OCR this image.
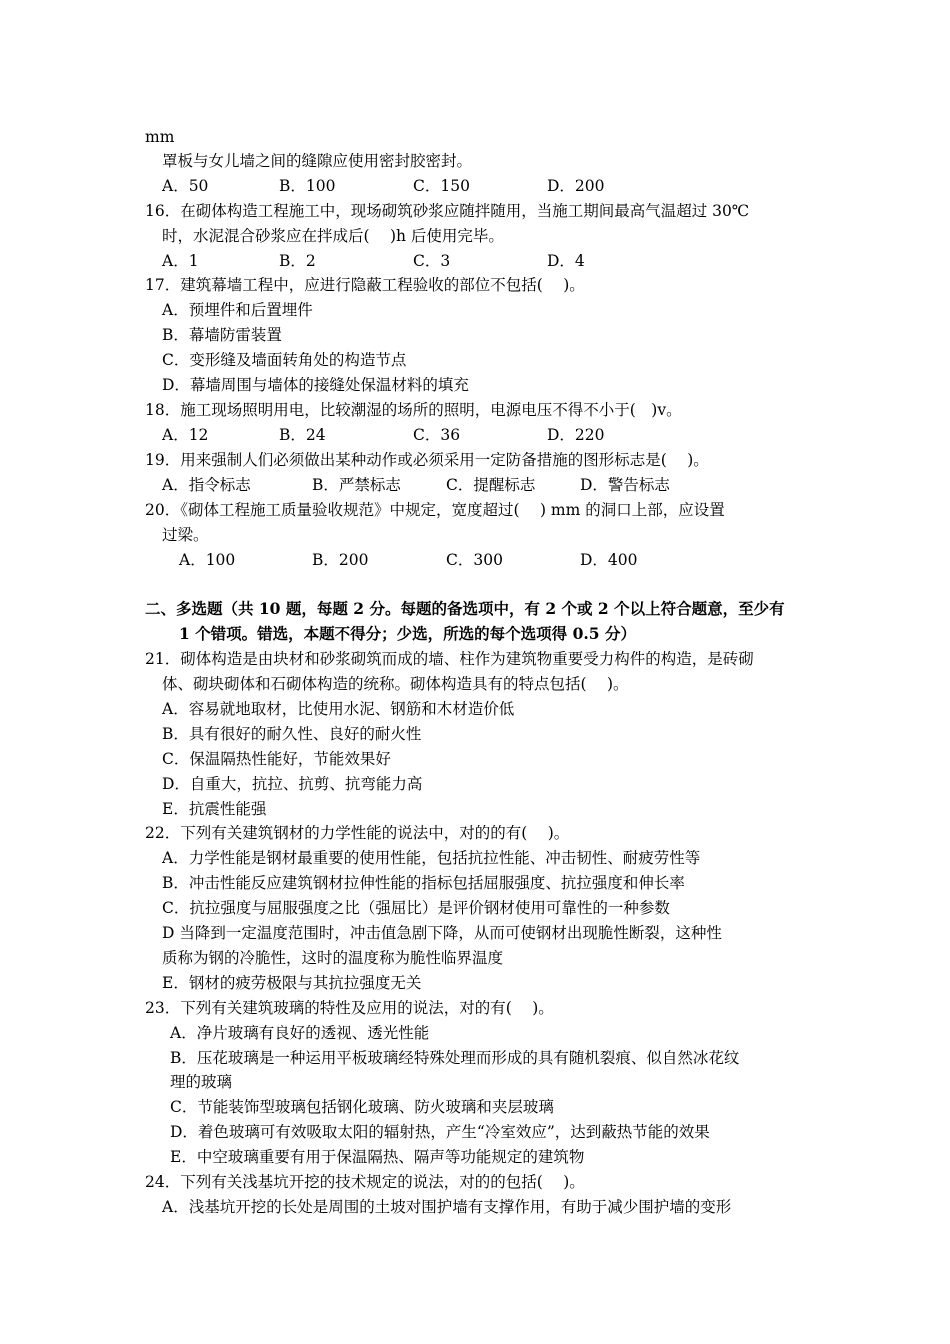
mm
罩板与女儿墙之间的缝隙应使用密封胶密封。
A．50	B．100	C．150	D．200
16．在砌体构造工程施工中，现场砌筑砂浆应随拌随用，当施工期间最高气温超过 30℃
时，水泥混合砂浆应在拌成后(　 )h 后使用完毕。
A．1	B．2	C．3	D．4
17．建筑幕墙工程中，应进行隐蔽工程验收的部位不包括(　 )。
A．预埋件和后置埋件
B．幕墙防雷装置
C．变形缝及墙面转角处的构造节点
D．幕墙周围与墙体的接缝处保温材料的填充
18．施工现场照明用电，比较潮湿的场所的照明，电源电压不得不小于(　)v。
A．12	B．24	C．36	D．220
19．用来强制人们必须做出某种动作或必须采用一定防备措施的图形标志是(　 )。
A．指令标志	B．严禁标志	C．提醒标志	D．警告标志
20．《砌体工程施工质量验收规范》中规定，宽度超过(　 ) mm 的洞口上部，应设置
过梁。
A．100	B．200	C．300	D．400
二、多选题（共 10 题，每题 2 分。每题的备选项中，有 2 个或 2 个以上符合题意，至少有
1 个错项。错选，本题不得分；少选，所选的每个选项得 0.5 分）
21．砌体构造是由块材和砂浆砌筑而成的墙、柱作为建筑物重要受力构件的构造，是砖砌
体、砌块砌体和石砌体构造的统称。砌体构造具有的特点包括(　 )。
A．容易就地取材，比使用水泥、钢筋和木材造价低
B．具有很好的耐久性、良好的耐火性
C．保温隔热性能好，节能效果好
D．自重大，抗拉、抗剪、抗弯能力高
E．抗震性能强
22．下列有关建筑钢材的力学性能的说法中，对的的有(　 )。
A．力学性能是钢材最重要的使用性能，包括抗拉性能、冲击韧性、耐疲劳性等
B．冲击性能反应建筑钢材拉伸性能的指标包括屈服强度、抗拉强度和伸长率
C．抗拉强度与屈服强度之比（强屈比）是评价钢材使用可靠性的一种参数
D 当降到一定温度范围时，冲击值急剧下降，从而可使钢材出现脆性断裂，这种性
质称为钢的冷脆性，这时的温度称为脆性临界温度
E．钢材的疲劳极限与其抗拉强度无关
23．下列有关建筑玻璃的特性及应用的说法，对的有(　 )。
A．净片玻璃有良好的透视、透光性能
B．压花玻璃是一种运用平板玻璃经特殊处理而形成的具有随机裂痕、似自然冰花纹
理的玻璃
C．节能装饰型玻璃包括钢化玻璃、防火玻璃和夹层玻璃
D．着色玻璃可有效吸取太阳的辐射热，产生“冷室效应”，达到蔽热节能的效果
E．中空玻璃重要有用于保温隔热、隔声等功能规定的建筑物
24．下列有关浅基坑开挖的技术规定的说法，对的的包括(　 )。
A．浅基坑开挖的长处是周围的土坡对围护墙有支撑作用，有助于减少围护墙的变形
